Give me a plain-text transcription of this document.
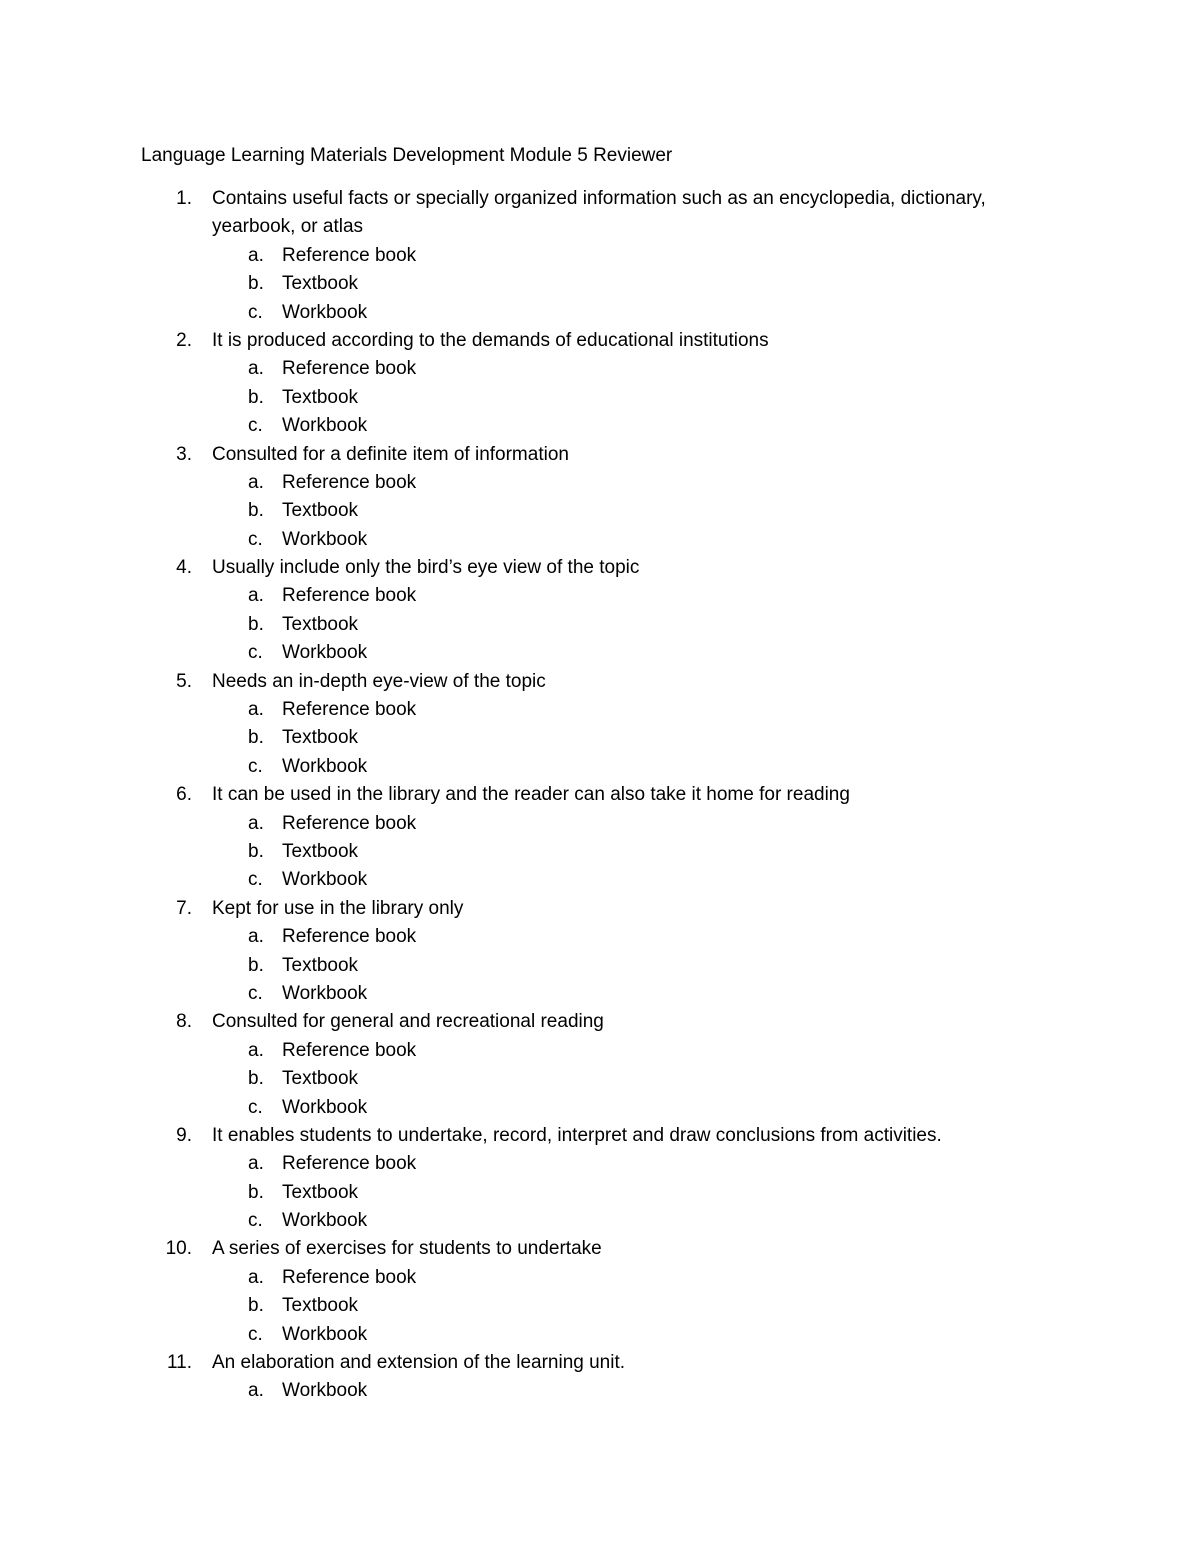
Language Learning Materials Development Module 5 Reviewer
1. Contains useful facts or specially organized information such as an encyclopedia, dictionary, yearbook, or atlas
a. Reference book
b. Textbook
c. Workbook
2. It is produced according to the demands of educational institutions
a. Reference book
b. Textbook
c. Workbook
3. Consulted for a definite item of information
a. Reference book
b. Textbook
c. Workbook
4. Usually include only the bird’s eye view of the topic
a. Reference book
b. Textbook
c. Workbook
5. Needs an in-depth eye-view of the topic
a. Reference book
b. Textbook
c. Workbook
6. It can be used in the library and the reader can also take it home for reading
a. Reference book
b. Textbook
c. Workbook
7. Kept for use in the library only
a. Reference book
b. Textbook
c. Workbook
8. Consulted for general and recreational reading
a. Reference book
b. Textbook
c. Workbook
9. It enables students to undertake, record, interpret and draw conclusions from activities.
a. Reference book
b. Textbook
c. Workbook
10. A series of exercises for students to undertake
a. Reference book
b. Textbook
c. Workbook
11. An elaboration and extension of the learning unit.
a. Workbook
